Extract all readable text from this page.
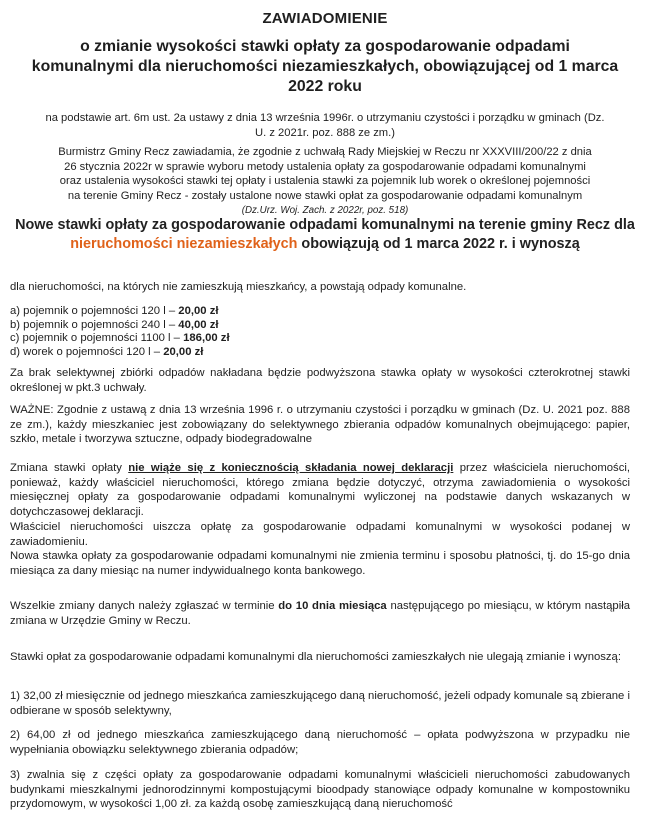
ZAWIADOMIENIE
o zmianie wysokości stawki opłaty za gospodarowanie odpadami komunalnymi dla nieruchomości niezamieszkałych, obowiązującej od 1 marca 2022 roku
na podstawie art. 6m ust. 2a ustawy z dnia 13 września 1996r. o utrzymaniu czystości i porządku w gminach (Dz. U. z 2021r. poz. 888 ze zm.)
Burmistrz Gminy Recz zawiadamia, że zgodnie z uchwałą Rady Miejskiej w Reczu nr XXXVIII/200/22 z dnia 26 stycznia 2022r w sprawie wyboru metody ustalenia opłaty za gospodarowanie odpadami komunalnymi oraz ustalenia wysokości stawki tej opłaty i ustalenia stawki za pojemnik lub worek o określonej pojemności na terenie Gminy Recz - zostały ustalone nowe stawki opłat za gospodarowanie odpadami komunalnym
(Dz.Urz. Woj. Zach. z 2022r, poz. 518)
Nowe stawki opłaty za gospodarowanie odpadami komunalnymi na terenie gminy Recz dla nieruchomości niezamieszkałych obowiązują od 1 marca 2022 r. i wynoszą
dla nieruchomości, na których nie zamieszkują mieszkańcy, a powstają odpady komunalne.
a) pojemnik o pojemności 120 l – 20,00 zł
b) pojemnik o pojemności 240 l – 40,00 zł
c) pojemnik o pojemności 1100 l – 186,00 zł
d) worek o pojemności 120 l – 20,00 zł
Za brak selektywnej zbiórki odpadów nakładana będzie podwyższona stawka opłaty w wysokości czterokrotnej stawki określonej w pkt.3 uchwały.
WAŻNE: Zgodnie z ustawą z dnia 13 września 1996 r. o utrzymaniu czystości i porządku w gminach (Dz. U. 2021 poz. 888 ze zm.), każdy mieszkaniec jest zobowiązany do selektywnego zbierania odpadów komunalnych obejmującego: papier, szkło, metale i tworzywa sztuczne, odpady biodegradowalne
Zmiana stawki opłaty nie wiąże się z koniecznością składania nowej deklaracji przez właściciela nieruchomości, ponieważ, każdy właściciel nieruchomości, którego zmiana będzie dotyczyć, otrzyma zawiadomienia o wysokości miesięcznej opłaty za gospodarowanie odpadami komunalnymi wyliczonej na podstawie danych wskazanych w dotychczasowej deklaracji.
Właściciel nieruchomości uiszcza opłatę za gospodarowanie odpadami komunalnymi w wysokości podanej w zawiadomieniu.
Nowa stawka opłaty za gospodarowanie odpadami komunalnymi nie zmienia terminu i sposobu płatności, tj. do 15-go dnia miesiąca za dany miesiąc na numer indywidualnego konta bankowego.
Wszelkie zmiany danych należy zgłaszać w terminie do 10 dnia miesiąca następującego po miesiącu, w którym nastąpiła zmiana w Urzędzie Gminy w Reczu.
Stawki opłat za gospodarowanie odpadami komunalnymi dla nieruchomości zamieszkałych nie ulegają zmianie i wynoszą:
1) 32,00 zł miesięcznie od jednego mieszkańca zamieszkującego daną nieruchomość, jeżeli odpady komunale są zbierane i odbierane w sposób selektywny,
2) 64,00 zł od jednego mieszkańca zamieszkującego daną nieruchomość – opłata podwyższona w przypadku nie wypełniania obowiązku selektywnego zbierania odpadów;
3) zwalnia się z części opłaty za gospodarowanie odpadami komunalnymi właścicieli nieruchomości zabudowanych budynkami mieszkalnymi jednorodzinnymi kompostującymi bioodpady stanowiące odpady komunalne w kompostowniku przydomowym, w wysokości 1,00 zł. za każdą osobę zamieszkującą daną nieruchomość
